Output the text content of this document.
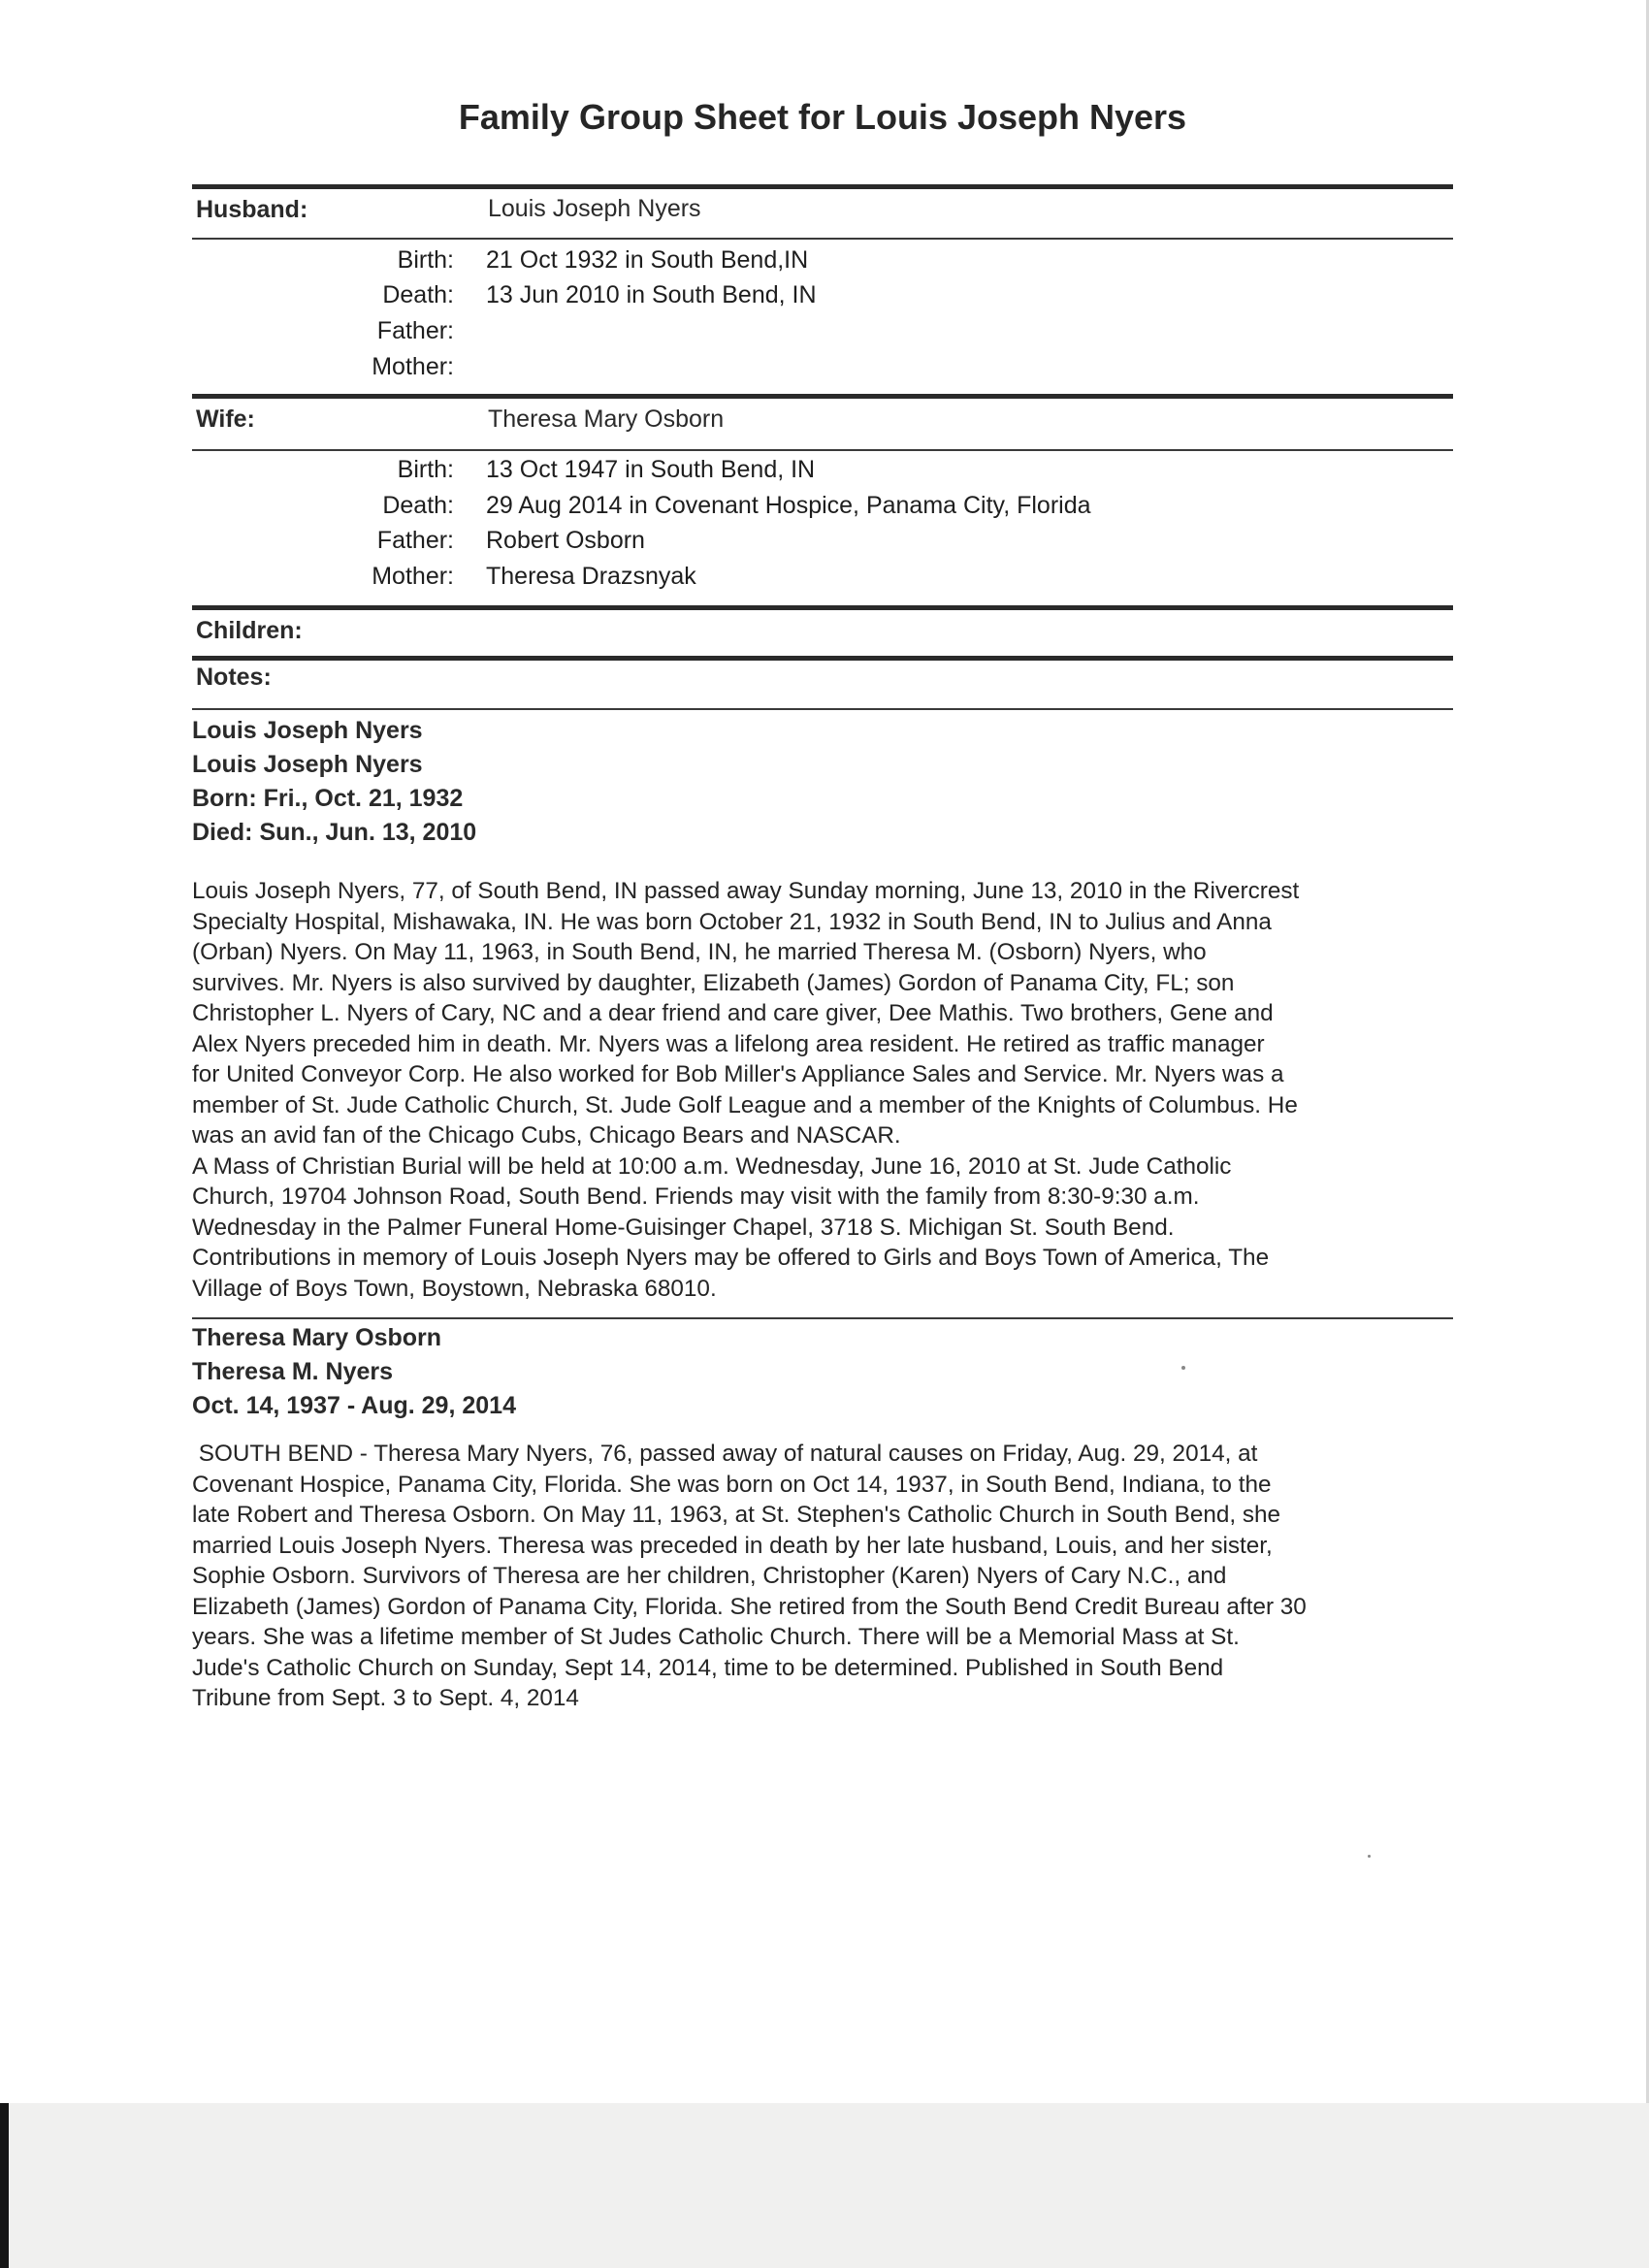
Family Group Sheet for Louis Joseph Nyers
Husband:	Louis Joseph Nyers
Birth: 21 Oct 1932 in South Bend,IN
Death: 13 Jun 2010 in South Bend, IN
Father:
Mother:
Wife:	Theresa Mary Osborn
Birth: 13 Oct 1947 in South Bend, IN
Death: 29 Aug 2014 in Covenant Hospice, Panama City, Florida
Father: Robert Osborn
Mother: Theresa Drazsnyak
Children:
Notes:
Louis Joseph Nyers
Louis Joseph Nyers
Born: Fri., Oct. 21, 1932
Died: Sun., Jun. 13, 2010
Louis Joseph Nyers, 77, of South Bend, IN passed away Sunday morning, June 13, 2010 in the Rivercrest
Specialty Hospital, Mishawaka, IN. He was born October 21, 1932 in South Bend, IN to Julius and Anna
(Orban) Nyers. On May 11, 1963, in South Bend, IN, he married Theresa M. (Osborn) Nyers, who
survives. Mr. Nyers is also survived by daughter, Elizabeth (James) Gordon of Panama City, FL; son
Christopher L. Nyers of Cary, NC and a dear friend and care giver, Dee Mathis. Two brothers, Gene and
Alex Nyers preceded him in death. Mr. Nyers was a lifelong area resident. He retired as traffic manager
for United Conveyor Corp. He also worked for Bob Miller's Appliance Sales and Service. Mr. Nyers was a
member of St. Jude Catholic Church, St. Jude Golf League and a member of the Knights of Columbus. He
was an avid fan of the Chicago Cubs, Chicago Bears and NASCAR.
A Mass of Christian Burial will be held at 10:00 a.m. Wednesday, June 16, 2010 at St. Jude Catholic
Church, 19704 Johnson Road, South Bend. Friends may visit with the family from 8:30-9:30 a.m.
Wednesday in the Palmer Funeral Home-Guisinger Chapel, 3718 S. Michigan St. South Bend.
Contributions in memory of Louis Joseph Nyers may be offered to Girls and Boys Town of America, The
Village of Boys Town, Boystown, Nebraska 68010.
Theresa Mary Osborn
Theresa M. Nyers
Oct. 14, 1937 - Aug. 29, 2014
SOUTH BEND - Theresa Mary Nyers, 76, passed away of natural causes on Friday, Aug. 29, 2014, at
Covenant Hospice, Panama City, Florida. She was born on Oct 14, 1937, in South Bend, Indiana, to the
late Robert and Theresa Osborn. On May 11, 1963, at St. Stephen's Catholic Church in South Bend, she
married Louis Joseph Nyers. Theresa was preceded in death by her late husband, Louis, and her sister,
Sophie Osborn. Survivors of Theresa are her children, Christopher (Karen) Nyers of Cary N.C., and
Elizabeth (James) Gordon of Panama City, Florida. She retired from the South Bend Credit Bureau after 30
years. She was a lifetime member of St Judes Catholic Church. There will be a Memorial Mass at St.
Jude's Catholic Church on Sunday, Sept 14, 2014, time to be determined. Published in South Bend
Tribune from Sept. 3 to Sept. 4, 2014
